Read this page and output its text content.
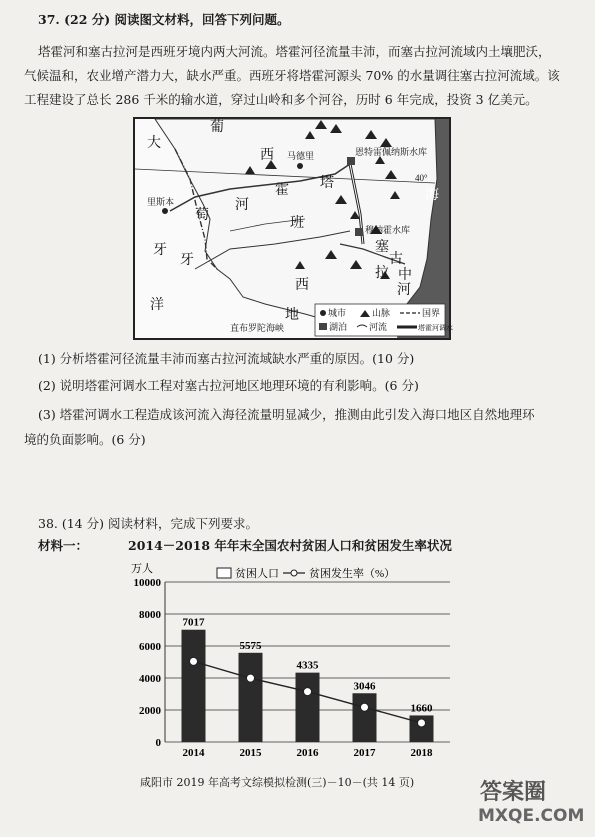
37. (22 分) 阅读图文材料，回答下列问题。
塔霍河和塞古拉河是西班牙境内两大河流。塔霍河径流量丰沛，而塞古拉河流域内土壤肥沃，
气候温和，农业增产潜力大，缺水严重。西班牙将塔霍河源头 70% 的水量调往塞古拉河流域。该
工程建设了总长 286 千米的输水道，穿过山岭和多个河谷，历时 6 年完成，投资 3 亿美元。
大
葡
萄
牙
河
霍 塔
西
班
牙
洋
西
地
中
海
塞
古
拉
河
40°
里斯本
马德里	恩特雷佩纳斯水库
穆纳霍水库
直布罗陀海峡
城市	山脉	国界
湖泊 河流	塔霍河调水
(1) 分析塔霍河径流量丰沛而塞古拉河流域缺水严重的原因。(10 分)
(2) 说明塔霍河调水工程对塞古拉河地区地理环境的有利影响。(6 分)
(3) 塔霍河调水工程造成该河流入海径流量明显减少，推测由此引发入海口地区自然地理环
境的负面影响。(6 分)
38. (14 分) 阅读材料，完成下列要求。
材料一：	2014－2018 年年末全国农村贫困人口和贫困发生率状况
万人
0
2000
4000
6000
8000
10000
贫困人口	贫困发生率（%）
7017
2014
5575
2015
4335
2016
3046
2017
1660
2018
咸阳市 2019 年高考文综模拟检测(三)－10－(共 14 页)	答案圈
MXQE.COM
